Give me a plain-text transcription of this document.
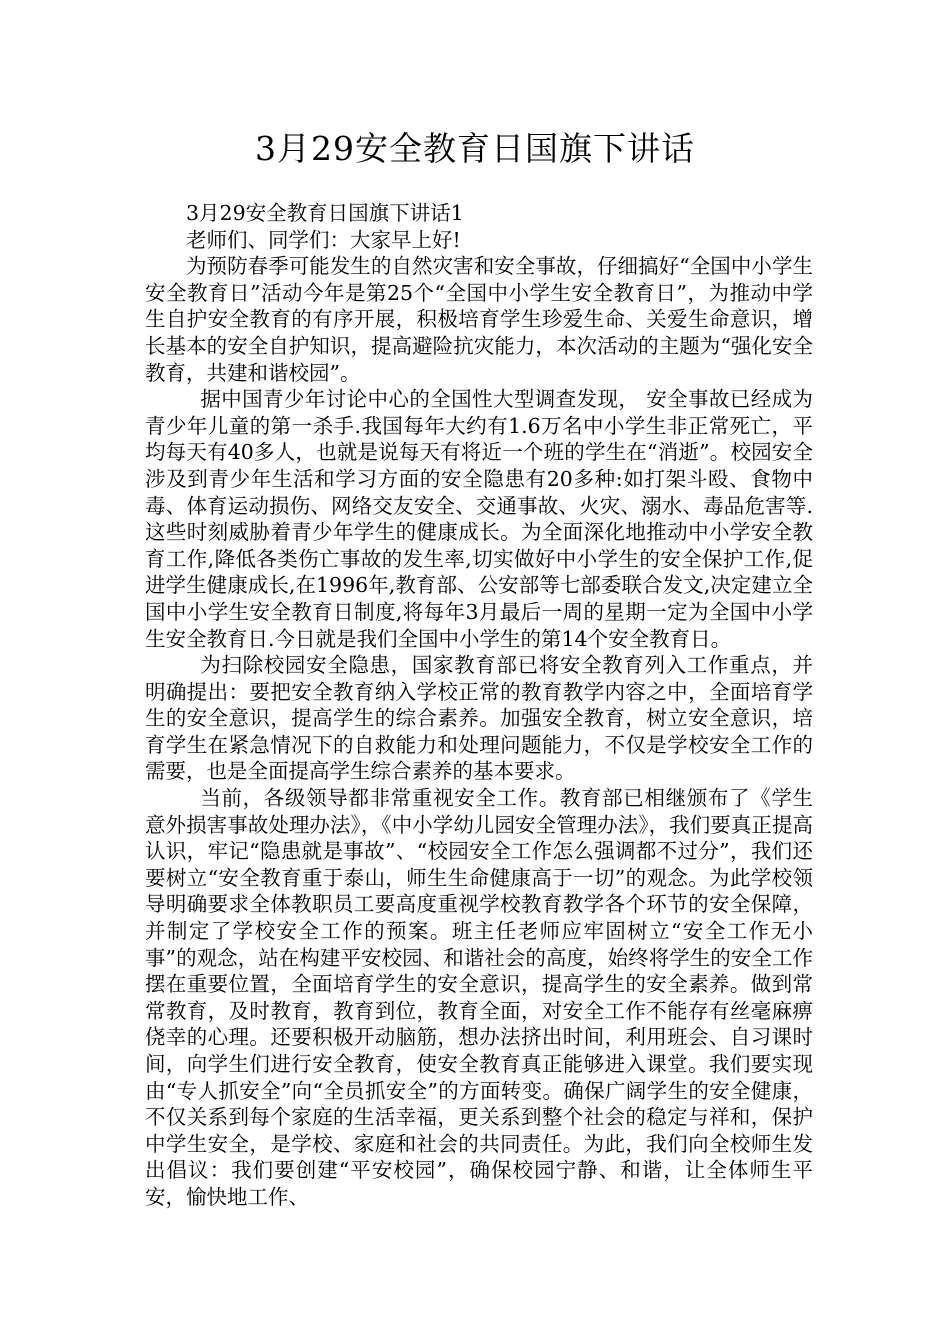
3月29安全教育日国旗下讲话

3月29安全教育日国旗下讲话1

老师们、同学们：大家早上好!

为预防春季可能发生的自然灾害和安全事故，仔细搞好“全国中小学生安全教育日”活动今年是第25个“全国中小学生安全教育日”，为推动中学生自护安全教育的有序开展，积极培育学生珍爱生命、关爱生命意识，增长基本的安全自护知识，提高避险抗灾能力，本次活动的主题为“强化安全教育，共建和谐校园”。

据中国青少年讨论中心的全国性大型调查发现， 安全事故已经成为青少年儿童的第一杀手.我国每年大约有1.6万名中小学生非正常死亡，平均每天有40多人，也就是说每天有将近一个班的学生在“消逝”。校园安全涉及到青少年生活和学习方面的安全隐患有20多种:如打架斗殴、食物中毒、体育运动损伤、网络交友安全、交通事故、火灾、溺水、毒品危害等.这些时刻威胁着青少年学生的健康成长。为全面深化地推动中小学安全教育工作,降低各类伤亡事故的发生率,切实做好中小学生的安全保护工作,促进学生健康成长,在1996年,教育部、公安部等七部委联合发文,决定建立全国中小学生安全教育日制度,将每年3月最后一周的星期一定为全国中小学生安全教育日.今日就是我们全国中小学生的第14个安全教育日。

为扫除校园安全隐患，国家教育部已将安全教育列入工作重点，并明确提出：要把安全教育纳入学校正常的教育教学内容之中，全面培育学生的安全意识，提高学生的综合素养。加强安全教育，树立安全意识，培育学生在紧急情况下的自救能力和处理问题能力，不仅是学校安全工作的需要，也是全面提高学生综合素养的基本要求。

当前，各级领导都非常重视安全工作。教育部已相继颁布了《学生意外损害事故处理办法》，《中小学幼儿园安全管理办法》，我们要真正提高认识，牢记“隐患就是事故”、“校园安全工作怎么强调都不过分”，我们还要树立“安全教育重于泰山，师生生命健康高于一切”的观念。为此学校领导明确要求全体教职员工要高度重视学校教育教学各个环节的安全保障，并制定了学校安全工作的预案。班主任老师应牢固树立“安全工作无小事”的观念，站在构建平安校园、和谐社会的高度，始终将学生的安全工作摆在重要位置，全面培育学生的安全意识，提高学生的安全素养。做到常常教育，及时教育，教育到位，教育全面，对安全工作不能存有丝毫麻痹侥幸的心理。还要积极开动脑筋，想办法挤出时间，利用班会、自习课时间，向学生们进行安全教育，使安全教育真正能够进入课堂。我们要实现由“专人抓安全”向“全员抓安全”的方面转变。确保广阔学生的安全健康，不仅关系到每个家庭的生活幸福，更关系到整个社会的稳定与祥和，保护中学生安全，是学校、家庭和社会的共同责任。为此，我们向全校师生发出倡议：我们要创建“平安校园”，确保校园宁静、和谐，让全体师生平安，愉快地工作、
